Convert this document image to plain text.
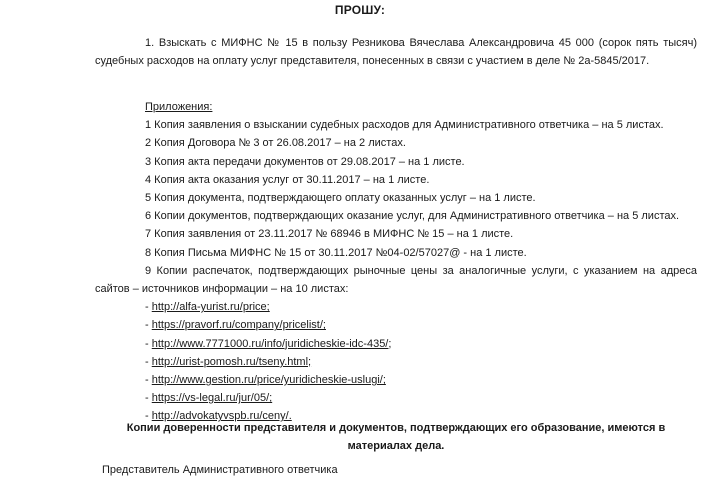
ПРОШУ:
1. Взыскать с МИФНС № 15 в пользу Резникова Вячеслава Александровича 45 000 (сорок пять тысяч) судебных расходов на оплату услуг представителя, понесенных в связи с участием в деле № 2а-5845/2017.
Приложения:
1 Копия заявления о взыскании судебных расходов для Административного ответчика – на 5 листах.
2 Копия Договора № 3 от 26.08.2017 – на 2 листах.
3 Копия акта передачи документов от 29.08.2017 – на 1 листе.
4 Копия акта оказания услуг от 30.11.2017 – на 1 листе.
5 Копия документа, подтверждающего оплату оказанных услуг – на 1 листе.
6 Копии документов, подтверждающих оказание услуг, для Административного ответчика – на 5 листах.
7 Копия заявления от 23.11.2017 № 68946 в МИФНС № 15 – на 1 листе.
8 Копия Письма МИФНС № 15 от 30.11.2017 №04-02/57027@ - на 1 листе.
9 Копии распечаток, подтверждающих рыночные цены за аналогичные услуги, с указанием на адреса сайтов – источников информации – на 10 листах:
- http://alfa-yurist.ru/price;
- https://pravorf.ru/company/pricelist/;
- http://www.7771000.ru/info/juridicheskie-idc-435/;
- http://urist-pomosh.ru/tseny.html;
- http://www.gestion.ru/price/yuridicheskie-uslugi/;
- https://vs-legal.ru/jur/05/;
- http://advokatyvspb.ru/ceny/.
Копии доверенности представителя и документов, подтверждающих его образование, имеются в материалах дела.
Представитель Административного ответчика
